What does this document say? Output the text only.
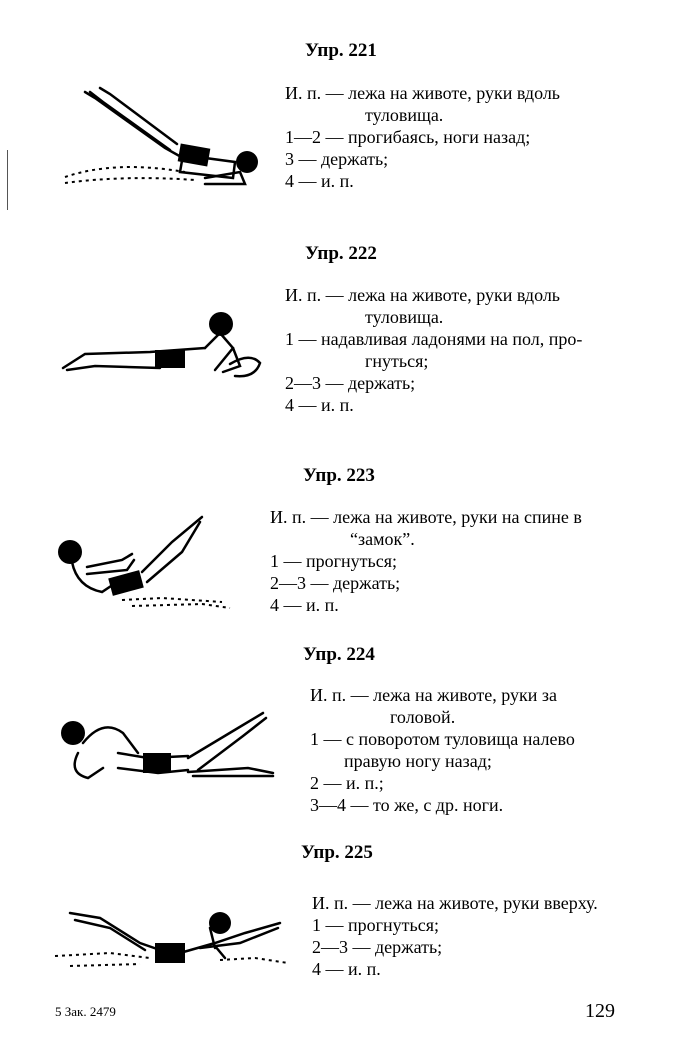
Упр. 221
И. п. — лежа на животе, руки вдоль
туловища.
1—2 — прогибаясь, ноги назад;
3 — держать;
4 — и. п.
Упр. 222
И. п. — лежа на животе, руки вдоль
туловища.
1 — надавливая ладонями на пол, про-
гнуться;
2—3 — держать;
4 — и. п.
Упр. 223
И. п. — лежа на животе, руки на спине в
“замок”.
1 — прогнуться;
2—3 — держать;
4 — и. п.
Упр. 224
И. п. — лежа на животе, руки за
головой.
1 — с поворотом туловища налево
правую ногу назад;
2 — и. п.;
3—4 — то же, с др. ноги.
Упр. 225
И. п. — лежа на животе, руки вверху.
1 — прогнуться;
2—3 — держать;
4 — и. п.
5 Зак. 2479	129
